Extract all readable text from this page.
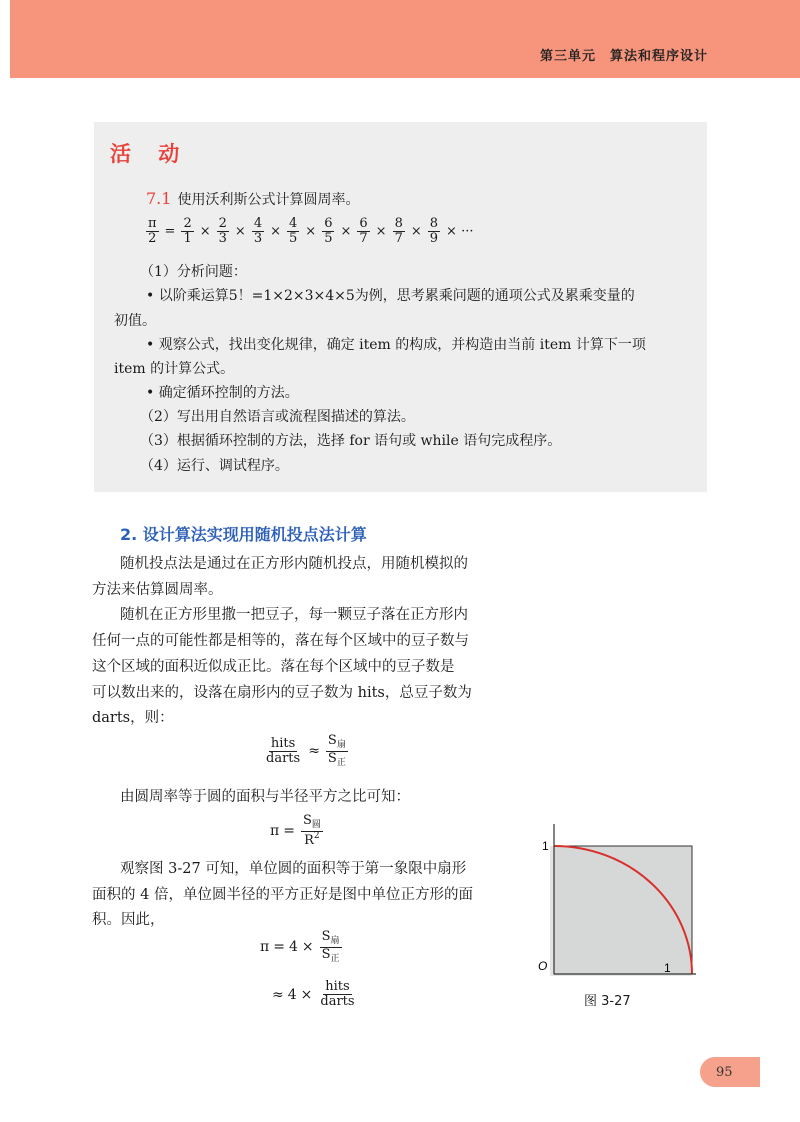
第三单元　算法和程序设计
活 动
7.1 使用沃利斯公式计算圆周率。
$\frac{\pi}{2} = \frac{2}{1} \times \frac{2}{3} \times \frac{4}{3} \times \frac{4}{5} \times \frac{6}{5} \times \frac{6}{7} \times \frac{8}{7} \times \frac{8}{9}$ × ···
（1）分析问题：
• 以阶乘运算5！=1×2×3×4×5为例，思考累乘问题的通项公式及累乘变量的
初值。
• 观察公式，找出变化规律，确定 item 的构成，并构造由当前 item 计算下一项
item 的计算公式。
• 确定循环控制的方法。
（2）写出用自然语言或流程图描述的算法。
（3）根据循环控制的方法，选择 for 语句或 while 语句完成程序。
（4）运行、调试程序。
2. 设计算法实现用随机投点法计算
随机投点法是通过在正方形内随机投点，用随机模拟的
方法来估算圆周率。
随机在正方形里撒一把豆子，每一颗豆子落在正方形内
任何一点的可能性都是相等的，落在每个区域中的豆子数与
这个区域的面积近似成正比。落在每个区域中的豆子数是
可以数出来的，设落在扇形内的豆子数为 hits，总豆子数为
darts，则：
$\frac{\text{hits}}{\text{darts}} \approx \frac{S_扇}{S_正}$
由圆周率等于圆的面积与半径平方之比可知：
$\pi = \frac{S_圆}{R^2}$
观察图 3-27 可知，单位圆的面积等于第一象限中扇形
面积的 4 倍，单位圆半径的平方正好是图中单位正方形的面
积。因此，
$\pi = 4 \times \frac{S_扇}{S_正}$
≈ $4 \times \frac{\text{hits}}{\text{darts}}$
1
O	1
图 3-27
95
